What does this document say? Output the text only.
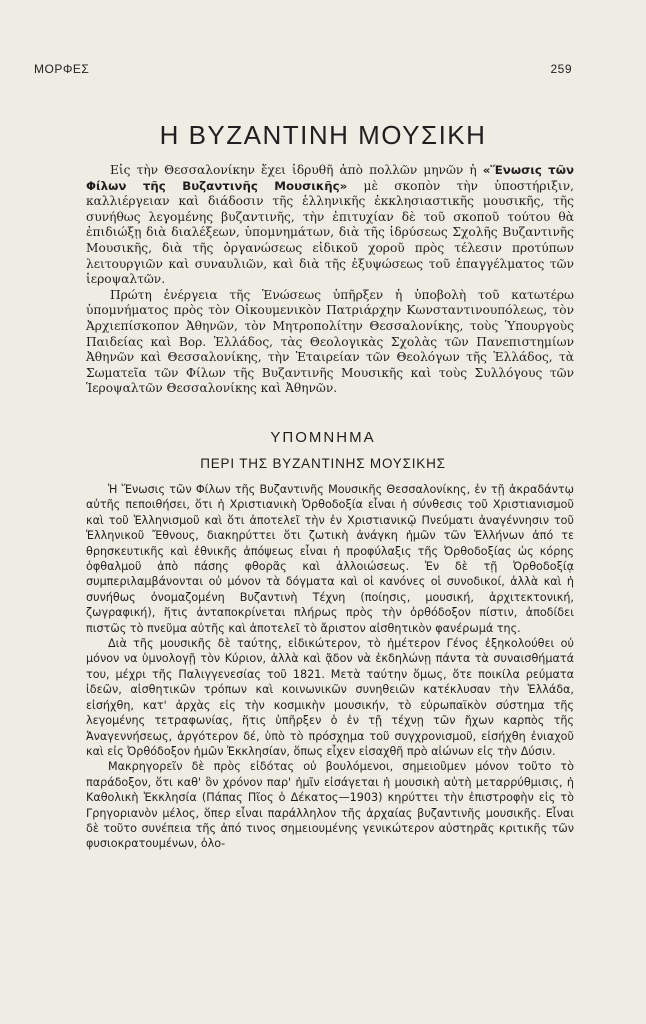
ΜΟΡΦΕΣ	259
Η ΒΥΖΑΝΤΙΝΗ ΜΟΥΣΙΚΗ

Εἰς τὴν Θεσσαλονίκην ἔχει ἱδρυθῆ ἀπὸ πολλῶν μηνῶν ἡ «Ἕνωσις τῶν Φίλων τῆς Βυζαντινῆς Μουσικῆς» μὲ σκοπὸν τὴν ὑποστήριξιν, καλλιέργειαν καὶ διάδοσιν τῆς ἑλληνικῆς ἐκκλησιαστικῆς μουσικῆς, τῆς συνήθως λεγομένης βυζαντινῆς, τὴν ἐπιτυχίαν δὲ τοῦ σκοποῦ τούτου θὰ ἐπιδιώξῃ διὰ διαλέξεων, ὑπομνημάτων, διὰ τῆς ἱδρύσεως Σχολῆς Βυζαντινῆς Μουσικῆς, διὰ τῆς ὀργανώσεως εἰδικοῦ χοροῦ πρὸς τέλεσιν προτύπων λειτουργιῶν καὶ συναυλιῶν, καὶ διὰ τῆς ἐξυψώσεως τοῦ ἐπαγγέλματος τῶν ἱεροψαλτῶν.

Πρώτη ἐνέργεια τῆς Ἑνώσεως ὑπῆρξεν ἡ ὑποβολὴ τοῦ κατωτέρω ὑπομνήματος πρὸς τὸν Οἰκουμενικὸν Πατριάρχην Κωνσταντινουπόλεως, τὸν Ἀρχιεπίσκοπον Ἀθηνῶν, τὸν Μητροπολίτην Θεσσαλονίκης, τοὺς Ὑπουργοὺς Παιδείας καὶ Βορ. Ἑλλάδος, τὰς Θεολογικὰς Σχολὰς τῶν Πανεπιστημίων Ἀθηνῶν καὶ Θεσσαλονίκης, τὴν Ἑταιρείαν τῶν Θεολόγων τῆς Ἑλλάδος, τὰ Σωματεῖα τῶν Φίλων τῆς Βυζαντινῆς Μουσικῆς καὶ τοὺς Συλλόγους τῶν Ἱεροψαλτῶν Θεσσαλονίκης καὶ Ἀθηνῶν.

ΥΠΟΜΝΗΜΑ
ΠΕΡΙ ΤΗΣ ΒΥΖΑΝΤΙΝΗΣ ΜΟΥΣΙΚΗΣ

Ἡ Ἕνωσις τῶν Φίλων τῆς Βυζαντινῆς Μουσικῆς Θεσσαλονίκης, ἐν τῇ ἀκραδάντῳ αὐτῆς πεποιθήσει, ὅτι ἡ Χριστιανικὴ Ὀρθοδοξία εἶναι ἡ σύνθεσις τοῦ Χριστιανισμοῦ καὶ τοῦ Ἑλληνισμοῦ καὶ ὅτι ἀποτελεῖ τὴν ἐν Χριστιανικῷ Πνεύματι ἀναγέννησιν τοῦ Ἑλληνικοῦ Ἔθνους, διακηρύττει ὅτι ζωτικὴ ἀνάγκη ἡμῶν τῶν Ἑλλήνων ἀπό τε θρησκευτικῆς καὶ ἐθνικῆς ἀπόψεως εἶναι ἡ προφύλαξις τῆς Ὀρθοδοξίας ὡς κόρης ὀφθαλμοῦ ἀπὸ πάσης φθορᾶς καὶ ἀλλοιώσεως. Ἐν δὲ τῇ Ὀρθοδοξίᾳ συμπεριλαμβάνονται οὐ μόνον τὰ δόγματα καὶ οἱ κανόνες οἱ συνοδικοί, ἀλλὰ καὶ ἡ συνήθως ὀνομαζομένη Βυζαντινὴ Τέχνη (ποίησις, μουσική, ἀρχιτεκτονική, ζωγραφική), ἥτις ἀνταποκρίνεται πλήρως πρὸς τὴν ὀρθόδοξον πίστιν, ἀποδίδει πιστῶς τὸ πνεῦμα αὐτῆς καὶ ἀποτελεῖ τὸ ἄριστον αἰσθητικὸν φανέρωμά της.

Διὰ τῆς μουσικῆς δὲ ταύτης, εἰδικώτερον, τὸ ἡμέτερον Γένος ἐξηκολούθει οὐ μόνον να ὑμνολογῇ τὸν Κύριον, ἀλλὰ καὶ ᾄδον νὰ ἐκδηλώνῃ πάντα τὰ συναισθήματά του, μέχρι τῆς Παλιγγενεσίας τοῦ 1821. Μετὰ ταύτην ὅμως, ὅτε ποικίλα ρεύματα ἰδεῶν, αἰσθητικῶν τρόπων καὶ κοινωνικῶν συνηθειῶν κατέκλυσαν τὴν Ἑλλάδα, εἰσήχθη, κατ' ἀρχὰς εἰς τὴν κοσμικὴν μουσικήν, τὸ εὐρωπαϊκὸν σύστημα τῆς λεγομένης τετραφωνίας, ἥτις ὑπῆρξεν ὁ ἐν τῇ τέχνῃ τῶν ἤχων καρπὸς τῆς Ἀναγεννήσεως, ἀργότερον δέ, ὑπὸ τὸ πρόσχημα τοῦ συγχρονισμοῦ, εἰσήχθη ἐνιαχοῦ καὶ εἰς Ὀρθόδοξον ἡμῶν Ἐκκλησίαν, ὅπως εἶχεν εἰσαχθῆ πρὸ αἰώνων εἰς τὴν Δύσιν.

Μακρηγορεῖν δὲ πρὸς εἰδότας οὐ βουλόμενοι, σημειοῦμεν μόνον τοῦτο τὸ παράδοξον, ὅτι καθ' ὃν χρόνον παρ' ἡμῖν εἰσάγεται ἡ μουσικὴ αὐτὴ μεταρρύθμισις, ἡ Καθολικὴ Ἐκκλησία (Πάπας Πῖος ὁ Δέκατος—1903) κηρύττει τὴν ἐπιστροφὴν εἰς τὸ Γρηγοριανὸν μέλος, ὅπερ εἶναι παράλληλον τῆς ἀρχαίας βυζαντινῆς μουσικῆς. Εἶναι δὲ τοῦτο συνέπεια τῆς ἀπό τινος σημειουμένης γενικώτερον αὐστηρᾶς κριτικῆς τῶν φυσιοκρατουμένων, ὁλο-
